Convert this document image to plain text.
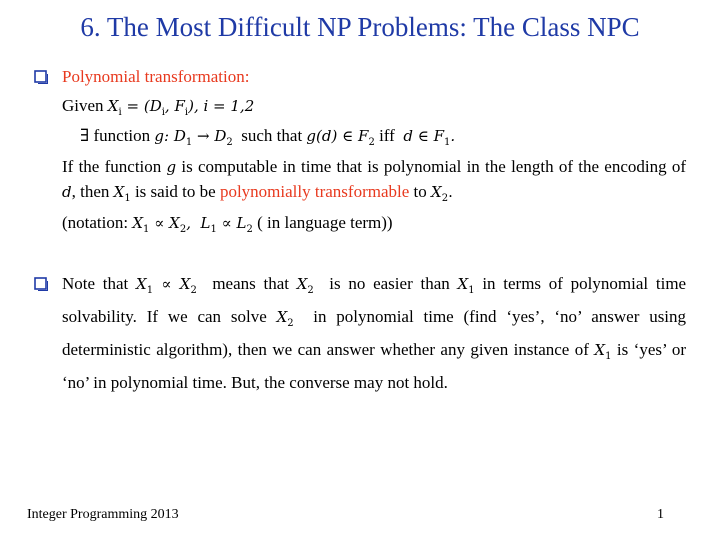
6. The Most Difficult NP Problems: The Class NPC
Polynomial transformation:
Given $X_i = (D_i$, $F_i$), i = 1,2
∃ function g: $D_1 \to D_2$ such that g(d) ∈ $F_2$ iff d ∈ $F_1$.
If the function g is computable in time that is polynomial in the length of the encoding of d, then $X_1$ is said to be polynomially transformable to $X_2$.
(notation: $X_1 \propto X_2$,  $L_1 \propto L_2$ ( in language term))
Note that $X_1 \propto X_2$ means that $X_2$ is no easier than $X_1$ in terms of polynomial time solvability. If we can solve $X_2$ in polynomial time (find ‘yes’, ‘no’ answer using deterministic algorithm), then we can answer whether any given instance of $X_1$ is ‘yes’ or ‘no’ in polynomial time. But, the converse may not hold.
Integer Programming 2013	1
